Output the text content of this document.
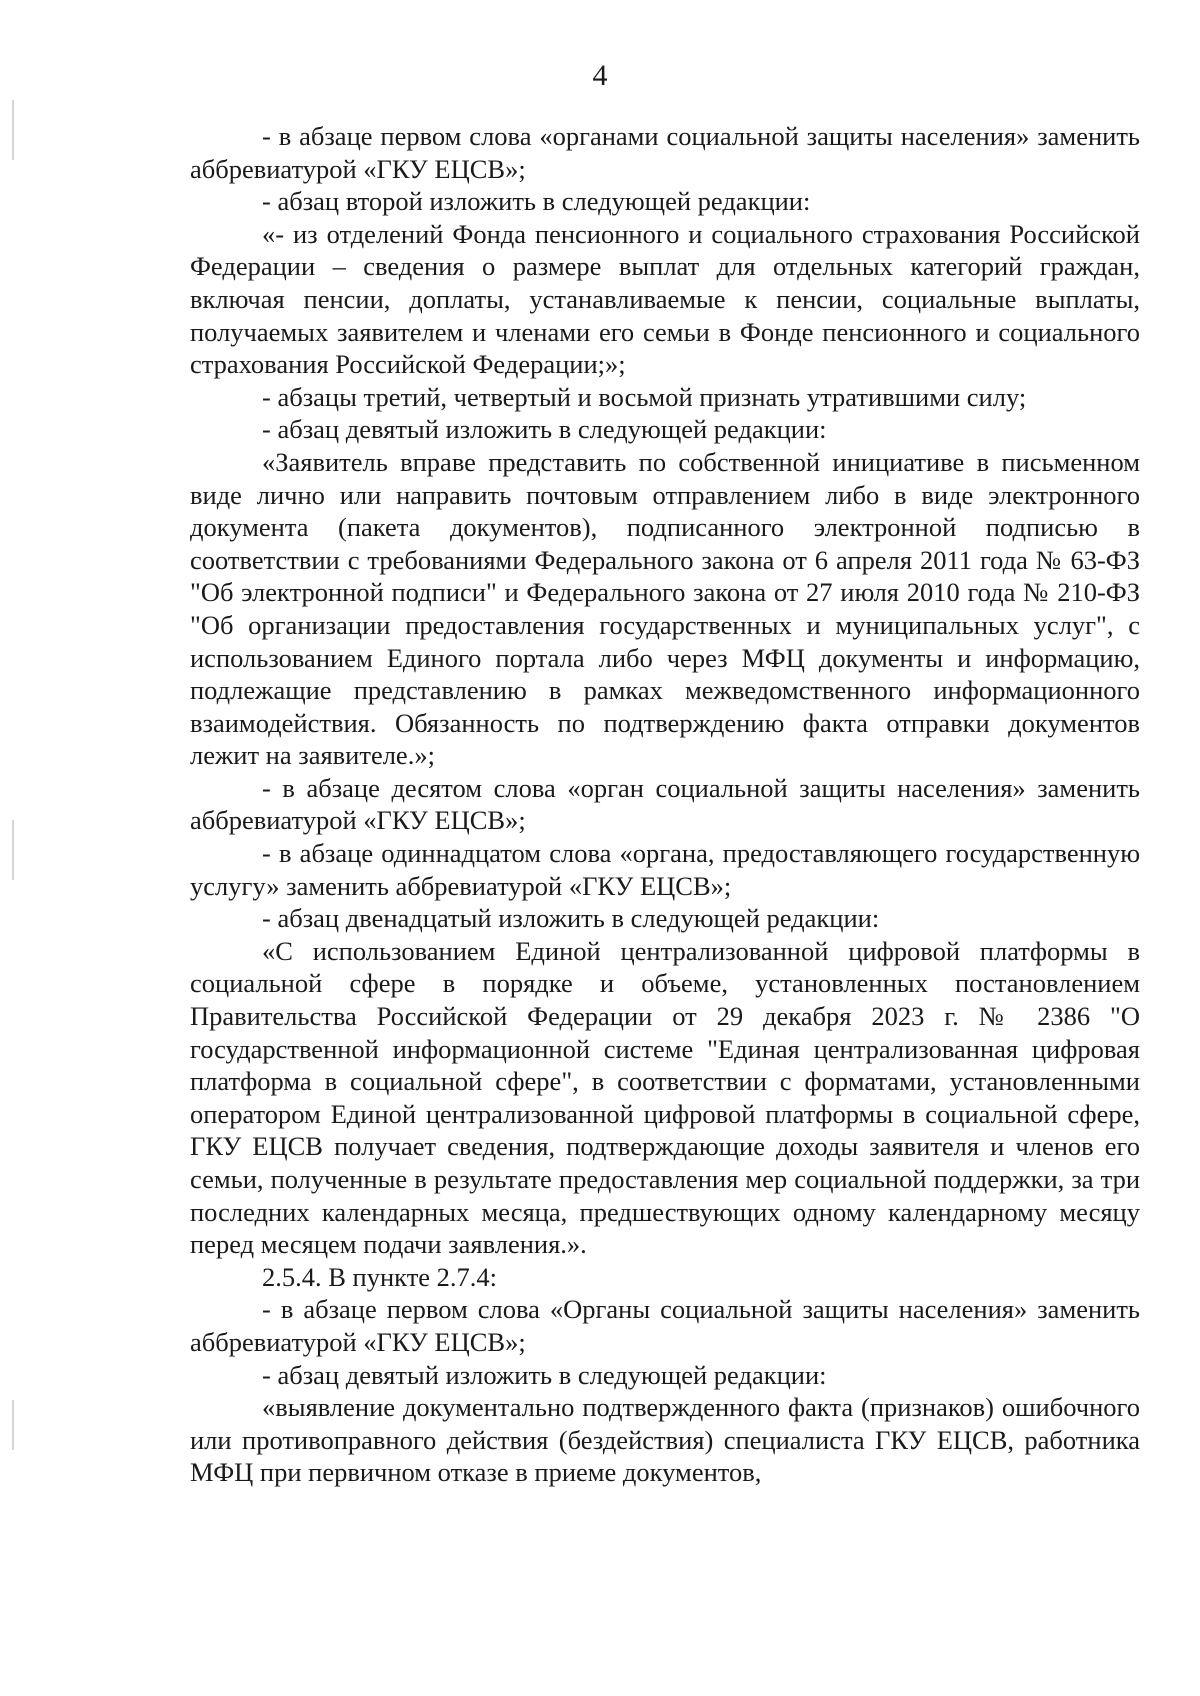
4

- в абзаце первом слова «органами социальной защиты населения» заменить аббревиатурой «ГКУ ЕЦСВ»;

- абзац второй изложить в следующей редакции:

«- из отделений Фонда пенсионного и социального страхования Российской Федерации – сведения о размере выплат для отдельных категорий граждан, включая пенсии, доплаты, устанавливаемые к пенсии, социальные выплаты, получаемых заявителем и членами его семьи в Фонде пенсионного и социального страхования Российской Федерации;»;

- абзацы третий, четвертый и восьмой признать утратившими силу;

- абзац девятый изложить в следующей редакции:

«Заявитель вправе представить по собственной инициативе в письменном виде лично или направить почтовым отправлением либо в виде электронного документа (пакета документов), подписанного электронной подписью в соответствии с требованиями Федерального закона от 6 апреля 2011 года № 63-ФЗ "Об электронной подписи" и Федерального закона от 27 июля 2010 года № 210-ФЗ "Об организации предоставления государственных и муниципальных услуг", с использованием Единого портала либо через МФЦ документы и информацию, подлежащие представлению в рамках межведомственного информационного взаимодействия. Обязанность по подтверждению факта отправки документов лежит на заявителе.»;

- в абзаце десятом слова «орган социальной защиты населения» заменить аббревиатурой «ГКУ ЕЦСВ»;

- в абзаце одиннадцатом слова «органа, предоставляющего государственную услугу» заменить аббревиатурой «ГКУ ЕЦСВ»;

- абзац двенадцатый изложить в следующей редакции:

«С использованием Единой централизованной цифровой платформы в социальной сфере в порядке и объеме, установленных постановлением Правительства Российской Федерации от 29 декабря 2023 г. № 2386 "О государственной информационной системе "Единая централизованная цифровая платформа в социальной сфере", в соответствии с форматами, установленными оператором Единой централизованной цифровой платформы в социальной сфере, ГКУ ЕЦСВ получает сведения, подтверждающие доходы заявителя и членов его семьи, полученные в результате предоставления мер социальной поддержки, за три последних календарных месяца, предшествующих одному календарному месяцу перед месяцем подачи заявления.».

2.5.4. В пункте 2.7.4:

- в абзаце первом слова «Органы социальной защиты населения» заменить аббревиатурой «ГКУ ЕЦСВ»;

- абзац девятый изложить в следующей редакции:

«выявление документально подтвержденного факта (признаков) ошибочного или противоправного действия (бездействия) специалиста ГКУ ЕЦСВ, работника МФЦ при первичном отказе в приеме документов,
